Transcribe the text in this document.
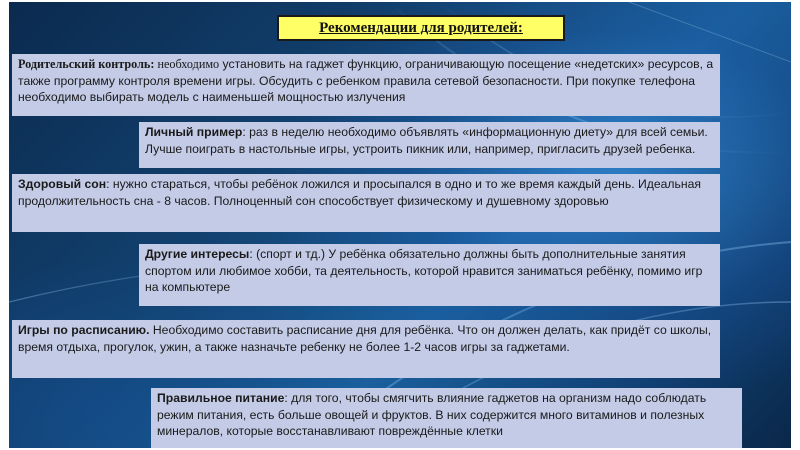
Рекомендации для родителей:
Родительский контроль: необходимо установить на гаджет функцию, ограничивающую посещение «недетских» ресурсов, а также программу контроля времени игры. Обсудить с ребенком правила сетевой безопасности. При покупке телефона необходимо выбирать модель с наименьшей мощностью излучения
Личный пример: раз в неделю необходимо объявлять «информационную диету» для всей семьи. Лучше поиграть в настольные игры, устроить пикник или, например, пригласить друзей ребенка.
Здоровый сон: нужно стараться, чтобы ребёнок ложился и просыпался в одно и то же время каждый день. Идеальная продолжительность сна - 8 часов. Полноценный сон способствует физическому и душевному здоровью
Другие интересы: (спорт и тд.) У ребёнка обязательно должны быть дополнительные занятия спортом или любимое хобби, та деятельность, которой нравится заниматься ребёнку, помимо игр на компьютере
Игры по расписанию. Необходимо составить расписание дня для ребёнка. Что он должен делать, как придёт со школы, время отдыха, прогулок, ужин, а также назначьте ребенку не более 1-2 часов игры за гаджетами.
Правильное питание: для того, чтобы смягчить влияние гаджетов на организм надо соблюдать режим питания, есть больше овощей и фруктов. В них содержится много витаминов и полезных минералов, которые восстанавливают повреждённые клетки
